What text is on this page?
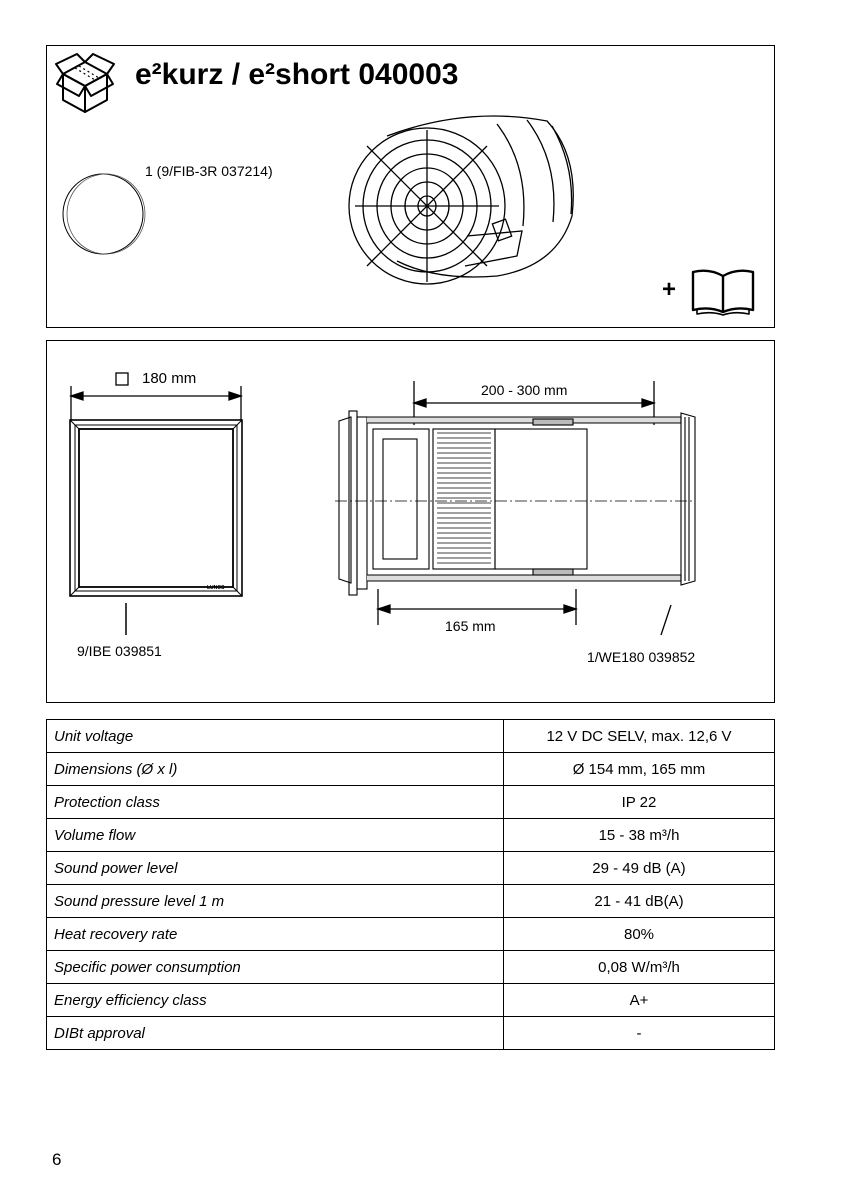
e²kurz / e²short 040003
1 (9/FIB-3R 037214)
+
180 mm
LUNOS
9/IBE 039851
200 - 300 mm
165 mm
1/WE180 039852
Unit voltage	12 V DC SELV, max. 12,6 V
Dimensions (Ø x l)	Ø 154 mm, 165 mm
Protection class	IP 22
Volume flow	15 - 38 m³/h
Sound power level	29 - 49 dB (A)
Sound pressure level 1 m	21 - 41 dB(A)
Heat recovery rate	80%
Specific power consumption	0,08 W/m³/h
Energy efficiency class	A+
DIBt approval	-
6
